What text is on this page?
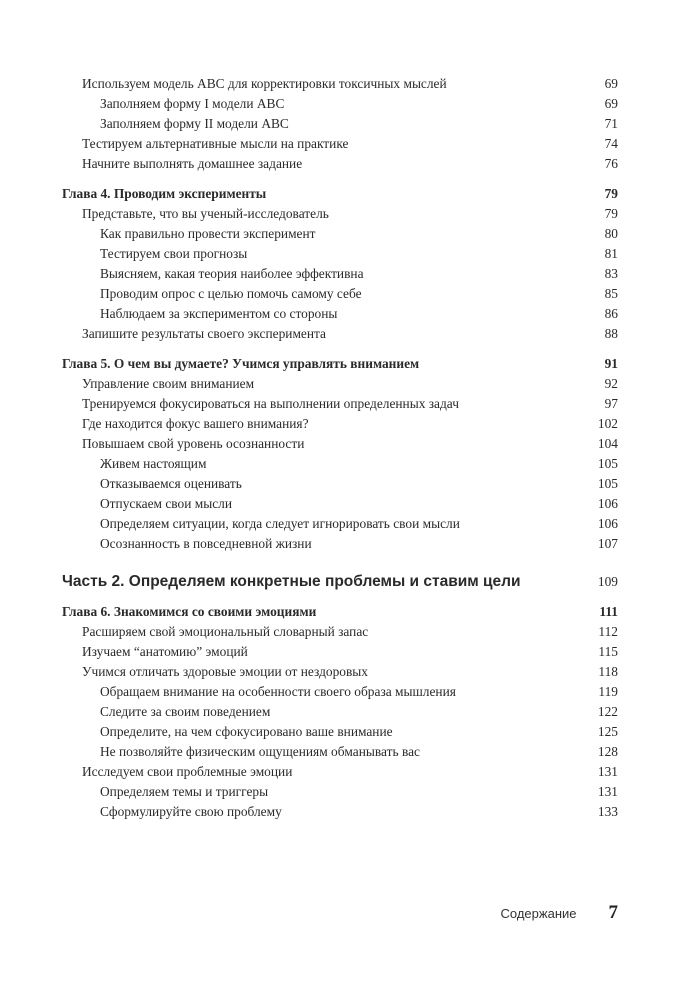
Используем модель ABC для корректировки токсичных мыслей	69
Заполняем форму I модели ABC	69
Заполняем форму II модели ABC	71
Тестируем альтернативные мысли на практике	74
Начните выполнять домашнее задание	76
Глава 4. Проводим эксперименты	79
Представьте, что вы ученый-исследователь	79
Как правильно провести эксперимент	80
Тестируем свои прогнозы	81
Выясняем, какая теория наиболее эффективна	83
Проводим опрос с целью помочь самому себе	85
Наблюдаем за экспериментом со стороны	86
Запишите результаты своего эксперимента	88
Глава 5. О чем вы думаете? Учимся управлять вниманием	91
Управление своим вниманием	92
Тренируемся фокусироваться на выполнении определенных задач	97
Где находится фокус вашего внимания?	102
Повышаем свой уровень осознанности	104
Живем настоящим	105
Отказываемся оценивать	105
Отпускаем свои мысли	106
Определяем ситуации, когда следует игнорировать свои мысли	106
Осознанность в повседневной жизни	107
Часть 2. Определяем конкретные проблемы и ставим цели	109
Глава 6. Знакомимся со своими эмоциями	111
Расширяем свой эмоциональный словарный запас	112
Изучаем “анатомию” эмоций	115
Учимся отличать здоровые эмоции от нездоровых	118
Обращаем внимание на особенности своего образа мышления	119
Следите за своим поведением	122
Определите, на чем сфокусировано ваше внимание	125
Не позволяйте физическим ощущениям обманывать вас	128
Исследуем свои проблемные эмоции	131
Определяем темы и триггеры	131
Сформулируйте свою проблему	133
Содержание 7
